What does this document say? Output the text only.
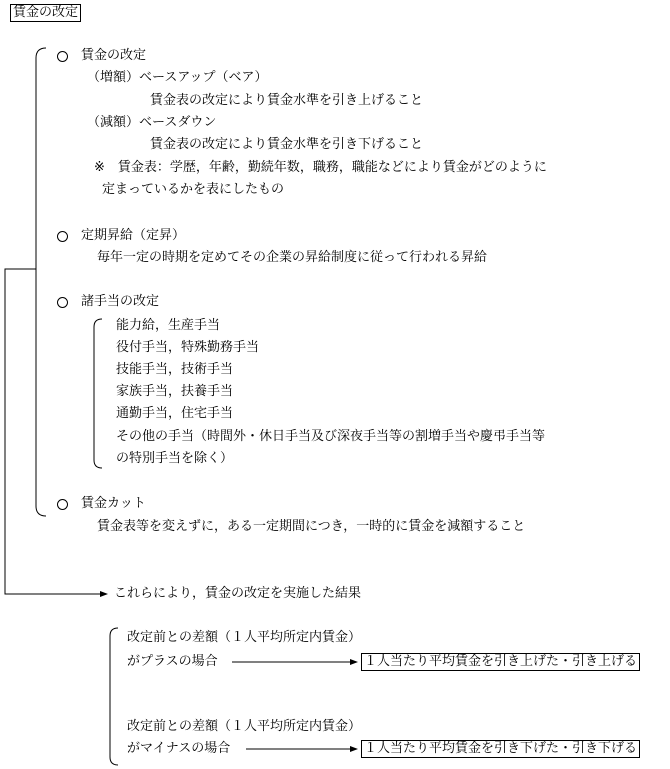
賃金の改定
賃金の改定
（増額）ベースアップ（ベア）
賃金表の改定により賃金水準を引き上げること
（減額）ベースダウン
賃金表の改定により賃金水準を引き下げること
※　賃金表：学歴，年齢，勤続年数，職務，職能などにより賃金がどのように
定まっているかを表にしたもの
定期昇給（定昇）
毎年一定の時期を定めてその企業の昇給制度に従って行われる昇給
諸手当の改定
能力給，生産手当
役付手当，特殊勤務手当
技能手当，技術手当
家族手当，扶養手当
通勤手当，住宅手当
その他の手当（時間外・休日手当及び深夜手当等の割増手当や慶弔手当等
の特別手当を除く）
賃金カット
賃金表等を変えずに，ある一定期間につき，一時的に賃金を減額すること
これらにより，賃金の改定を実施した結果
改定前との差額（１人平均所定内賃金）
がプラスの場合	１人当たり平均賃金を引き上げた・引き上げる
改定前との差額（１人平均所定内賃金）
がマイナスの場合	１人当たり平均賃金を引き下げた・引き下げる
